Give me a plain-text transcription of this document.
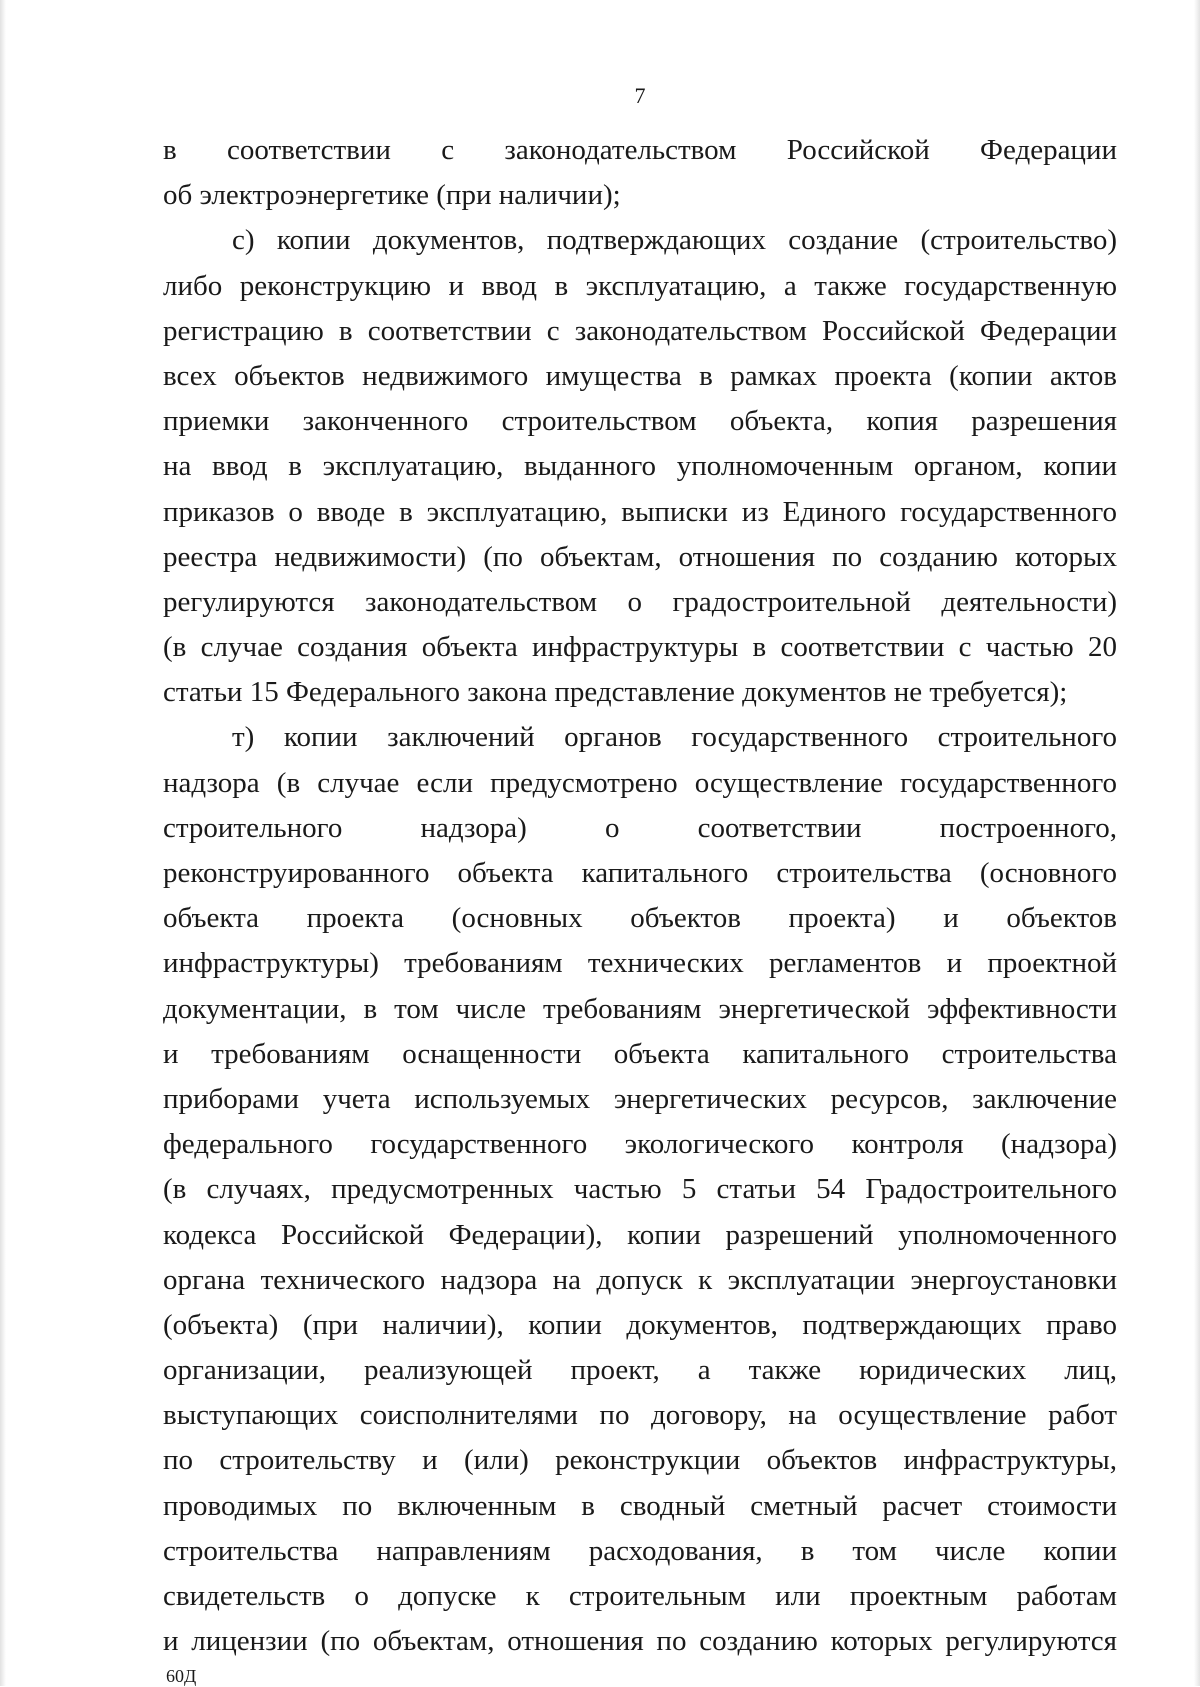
7
в соответствии с законодательством Российской Федерации
об электроэнергетике (при наличии);
с) копии документов, подтверждающих создание (строительство)
либо реконструкцию и ввод в эксплуатацию, а также государственную
регистрацию в соответствии с законодательством Российской Федерации
всех объектов недвижимого имущества в рамках проекта (копии актов
приемки законченного строительством объекта, копия разрешения
на ввод в эксплуатацию, выданного уполномоченным органом, копии
приказов о вводе в эксплуатацию, выписки из Единого государственного
реестра недвижимости) (по объектам, отношения по созданию которых
регулируются законодательством о градостроительной деятельности)
(в случае создания объекта инфраструктуры в соответствии с частью 20
статьи 15 Федерального закона представление документов не требуется);
т) копии заключений органов государственного строительного
надзора (в случае если предусмотрено осуществление государственного
строительного надзора) о соответствии построенного,
реконструированного объекта капитального строительства (основного
объекта проекта (основных объектов проекта) и объектов
инфраструктуры) требованиям технических регламентов и проектной
документации, в том числе требованиям энергетической эффективности
и требованиям оснащенности объекта капитального строительства
приборами учета используемых энергетических ресурсов, заключение
федерального государственного экологического контроля (надзора)
(в случаях, предусмотренных частью 5 статьи 54 Градостроительного
кодекса Российской Федерации), копии разрешений уполномоченного
органа технического надзора на допуск к эксплуатации энергоустановки
(объекта) (при наличии), копии документов, подтверждающих право
организации, реализующей проект, а также юридических лиц,
выступающих соисполнителями по договору, на осуществление работ
по строительству и (или) реконструкции объектов инфраструктуры,
проводимых по включенным в сводный сметный расчет стоимости
строительства направлениям расходования, в том числе копии
свидетельств о допуске к строительным или проектным работам
и лицензии (по объектам, отношения по созданию которых регулируются
60Д
